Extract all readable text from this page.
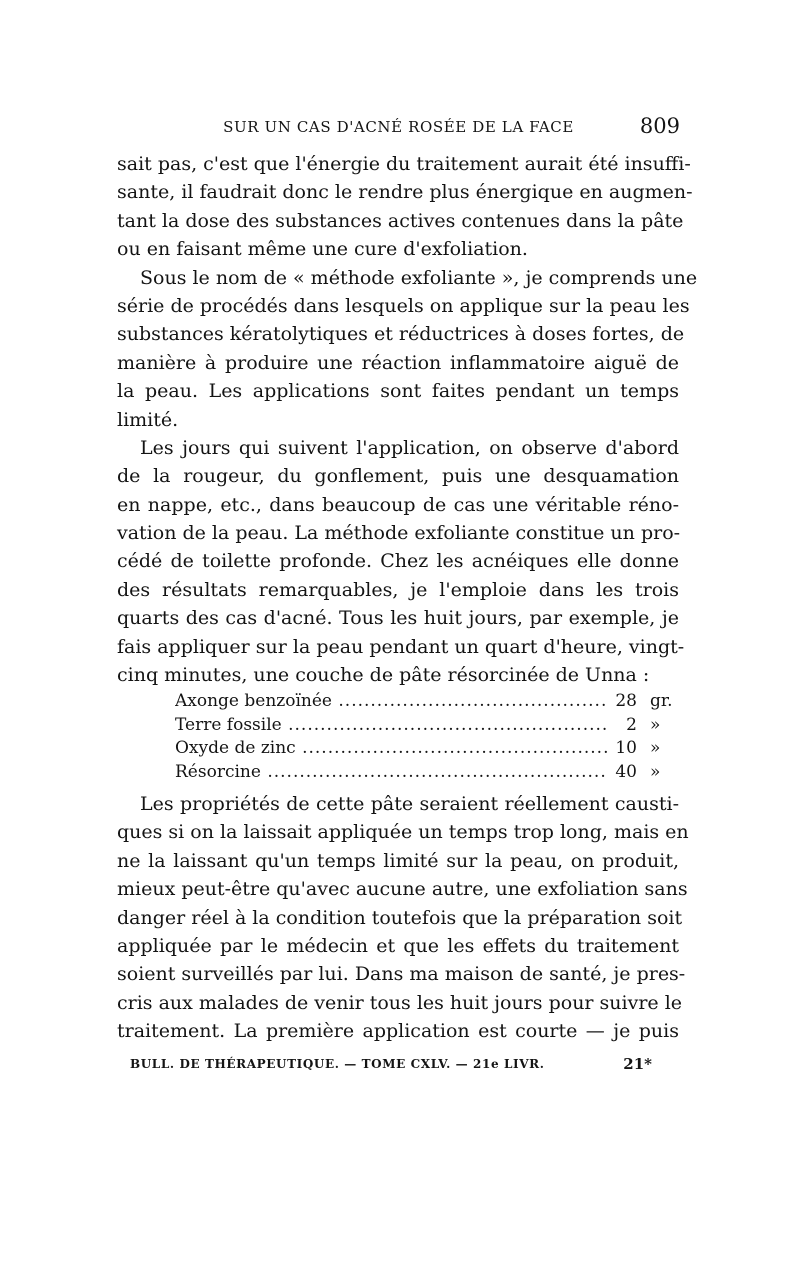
SUR UN CAS D'ACNÉ ROSÉE DE LA FACE	809
sait pas, c'est que l'énergie du traitement aurait été insuffi-
sante, il faudrait donc le rendre plus énergique en augmen-
tant la dose des substances actives contenues dans la pâte
ou en faisant même une cure d'exfoliation.
Sous le nom de « méthode exfoliante », je comprends une
série de procédés dans lesquels on applique sur la peau les
substances kératolytiques et réductrices à doses fortes, de
manière à produire une réaction inflammatoire aiguë de
la peau. Les applications sont faites pendant un temps
limité.
Les jours qui suivent l'application, on observe d'abord
de la rougeur, du gonflement, puis une desquamation
en nappe, etc., dans beaucoup de cas une véritable réno-
vation de la peau. La méthode exfoliante constitue un pro-
cédé de toilette profonde. Chez les acnéiques elle donne
des résultats remarquables, je l'emploie dans les trois
quarts des cas d'acné. Tous les huit jours, par exemple, je
fais appliquer sur la peau pendant un quart d'heure, vingt-
cinq minutes, une couche de pâte résorcinée de Unna :
Axonge benzoïnée .....	28 gr.
Terre fossile .....	2 »
Oxyde de zinc .....	10 »
Résorcine .....	40 »
Les propriétés de cette pâte seraient réellement causti-
ques si on la laissait appliquée un temps trop long, mais en
ne la laissant qu'un temps limité sur la peau, on produit,
mieux peut-être qu'avec aucune autre, une exfoliation sans
danger réel à la condition toutefois que la préparation soit
appliquée par le médecin et que les effets du traitement
soient surveillés par lui. Dans ma maison de santé, je pres-
cris aux malades de venir tous les huit jours pour suivre le
traitement. La première application est courte — je puis
BULL. DE THÉRAPEUTIQUE. — TOME CXLV. — 21e LIVR.	21*
